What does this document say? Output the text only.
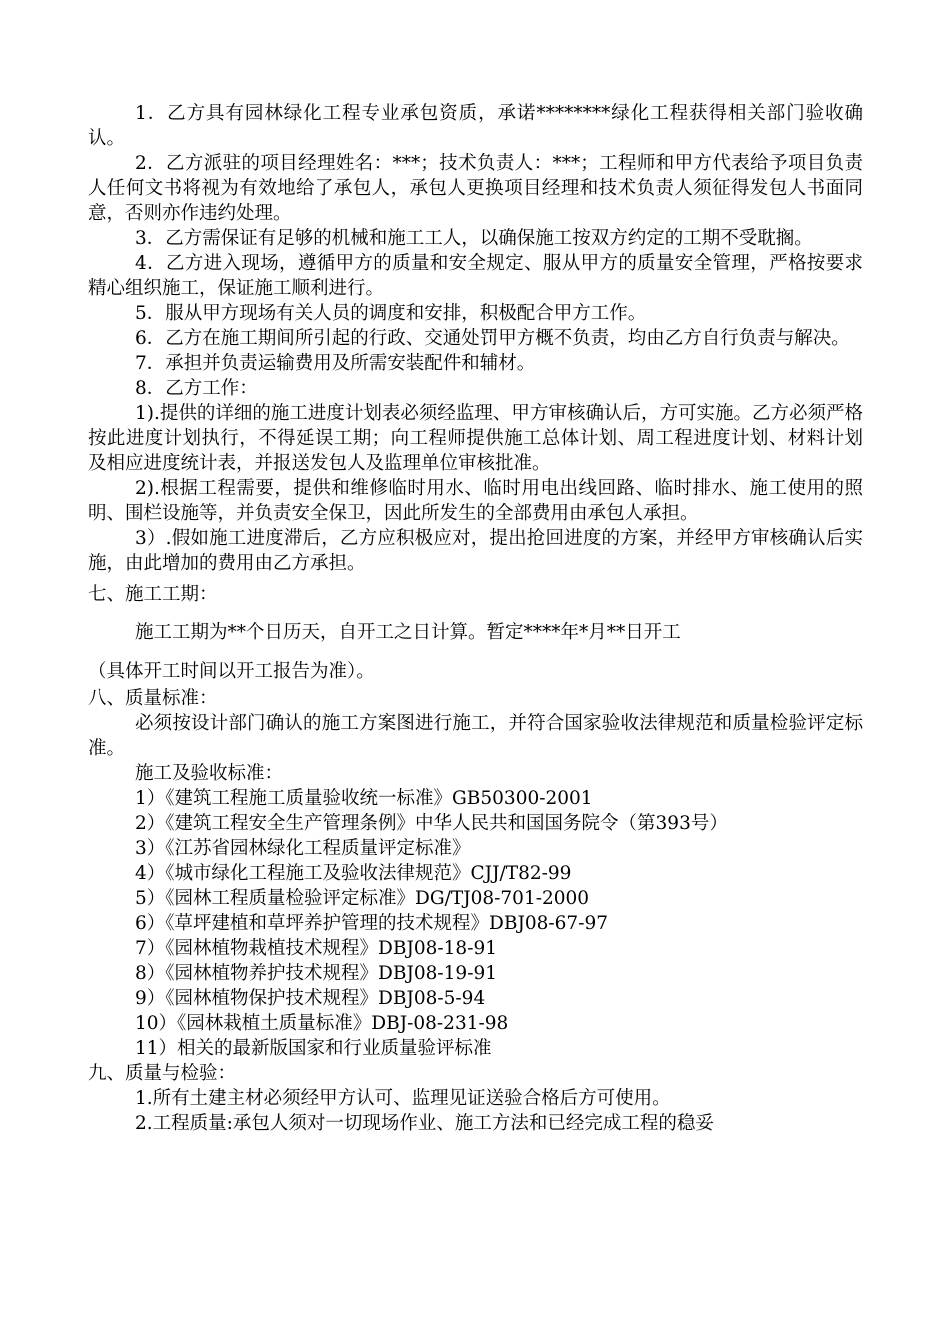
1．乙方具有园林绿化工程专业承包资质，承诺********绿化工程获得相关部门验收确认。

2．乙方派驻的项目经理姓名：***；技术负责人：***；工程师和甲方代表给予项目负责人任何文书将视为有效地给了承包人，承包人更换项目经理和技术负责人须征得发包人书面同意，否则亦作违约处理。

3．乙方需保证有足够的机械和施工工人，以确保施工按双方约定的工期不受耽搁。

4．乙方进入现场，遵循甲方的质量和安全规定、服从甲方的质量安全管理，严格按要求精心组织施工，保证施工顺利进行。

5．服从甲方现场有关人员的调度和安排，积极配合甲方工作。

6．乙方在施工期间所引起的行政、交通处罚甲方概不负责，均由乙方自行负责与解决。

7．承担并负责运输费用及所需安装配件和辅材。

8．乙方工作：

1).提供的详细的施工进度计划表必须经监理、甲方审核确认后，方可实施。乙方必须严格按此进度计划执行，不得延误工期；向工程师提供施工总体计划、周工程进度计划、材料计划及相应进度统计表，并报送发包人及监理单位审核批准。

2).根据工程需要，提供和维修临时用水、临时用电出线回路、临时排水、施工使用的照明、围栏设施等，并负责安全保卫，因此所发生的全部费用由承包人承担。

3）.假如施工进度滞后，乙方应积极应对，提出抢回进度的方案，并经甲方审核确认后实施，由此增加的费用由乙方承担。

七、施工工期：

施工工期为**个日历天，自开工之日计算。暂定****年*月**日开工

（具体开工时间以开工报告为准）。

八、质量标准：

必须按设计部门确认的施工方案图进行施工，并符合国家验收法律规范和质量检验评定标准。

施工及验收标准：

1）《建筑工程施工质量验收统一标准》GB50300-2001

2）《建筑工程安全生产管理条例》中华人民共和国国务院令（第393号）

3）《江苏省园林绿化工程质量评定标准》

4）《城市绿化工程施工及验收法律规范》CJJ/T82-99

5）《园林工程质量检验评定标准》DG/TJ08-701-2000

6）《草坪建植和草坪养护管理的技术规程》DBJ08-67-97

7）《园林植物栽植技术规程》DBJ08-18-91

8）《园林植物养护技术规程》DBJ08-19-91

9）《园林植物保护技术规程》DBJ08-5-94

10）《园林栽植土质量标准》DBJ-08-231-98

11）相关的最新版国家和行业质量验评标准

九、质量与检验：

1.所有土建主材必须经甲方认可、监理见证送验合格后方可使用。

2.工程质量:承包人须对一切现场作业、施工方法和已经完成工程的稳妥
